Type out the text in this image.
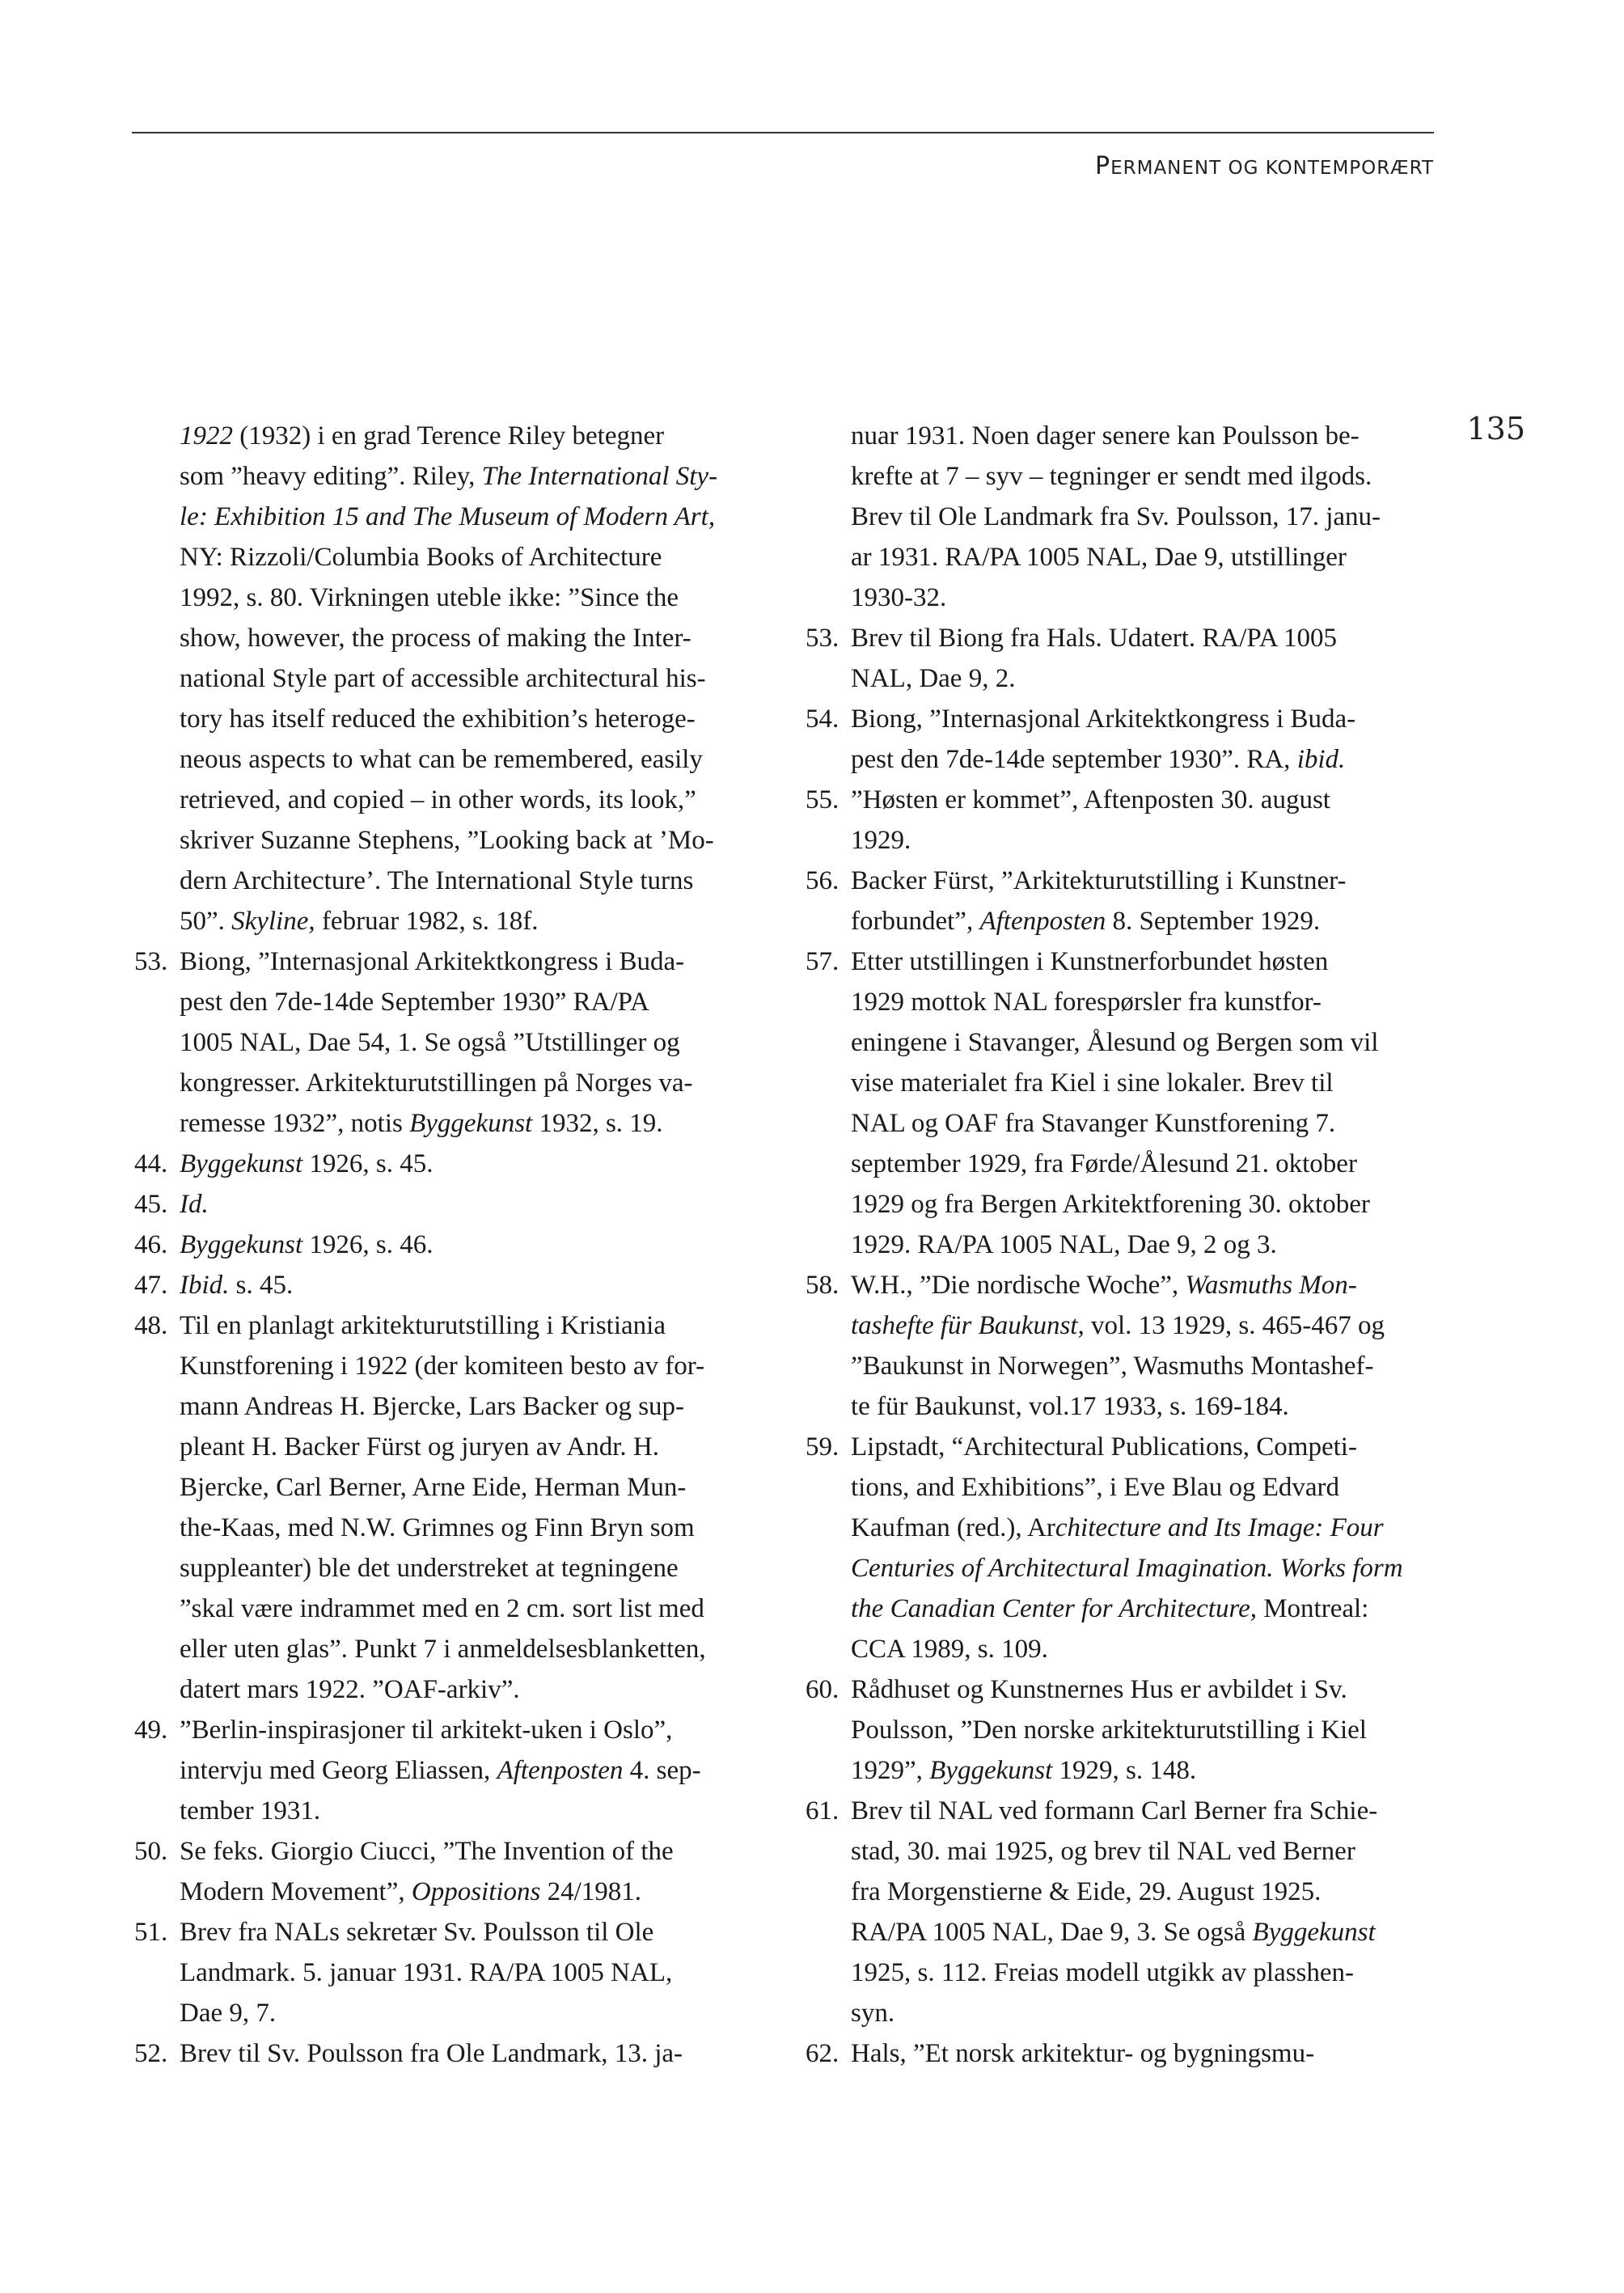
PERMANENT OG KONTEMPORÆRT
135
1922 (1932) i en grad Terence Riley betegner
som ”heavy editing”. Riley, The International Sty-
le: Exhibition 15 and The Museum of Modern Art,
NY: Rizzoli/Columbia Books of Architecture
1992, s. 80. Virkningen uteble ikke: ”Since the
show, however, the process of making the Inter-
national Style part of accessible architectural his-
tory has itself reduced the exhibition’s heteroge-
neous aspects to what can be remembered, easily
retrieved, and copied – in other words, its look,”
skriver Suzanne Stephens, ”Looking back at ’Mo-
dern Architecture’. The International Style turns
50”. Skyline, februar 1982, s. 18f.
53. Biong, ”Internasjonal Arkitektkongress i Buda-
pest den 7de-14de September 1930” RA/PA
1005 NAL, Dae 54, 1. Se også ”Utstillinger og
kongresser. Arkitekturutstillingen på Norges va-
remesse 1932”, notis Byggekunst 1932, s. 19.
44. Byggekunst 1926, s. 45.
45. Id.
46. Byggekunst 1926, s. 46.
47. Ibid. s. 45.
48. Til en planlagt arkitekturutstilling i Kristiania
Kunstforening i 1922 (der komiteen besto av for-
mann Andreas H. Bjercke, Lars Backer og sup-
pleant H. Backer Fürst og juryen av Andr. H.
Bjercke, Carl Berner, Arne Eide, Herman Mun-
the-Kaas, med N.W. Grimnes og Finn Bryn som
suppleanter) ble det understreket at tegningene
”skal være indrammet med en 2 cm. sort list med
eller uten glas”. Punkt 7 i anmeldelsesblanketten,
datert mars 1922. ”OAF-arkiv”.
49. ”Berlin-inspirasjoner til arkitekt-uken i Oslo”,
intervju med Georg Eliassen, Aftenposten 4. sep-
tember 1931.
50. Se feks. Giorgio Ciucci, ”The Invention of the
Modern Movement”, Oppositions 24/1981.
51. Brev fra NALs sekretær Sv. Poulsson til Ole
Landmark. 5. januar 1931. RA/PA 1005 NAL,
Dae 9, 7.
52. Brev til Sv. Poulsson fra Ole Landmark, 13. ja-
nuar 1931. Noen dager senere kan Poulsson be-
krefte at 7 – syv – tegninger er sendt med ilgods.
Brev til Ole Landmark fra Sv. Poulsson, 17. janu-
ar 1931. RA/PA 1005 NAL, Dae 9, utstillinger
1930-32.
53. Brev til Biong fra Hals. Udatert. RA/PA 1005
NAL, Dae 9, 2.
54. Biong, ”Internasjonal Arkitektkongress i Buda-
pest den 7de-14de september 1930”. RA, ibid.
55. ”Høsten er kommet”, Aftenposten 30. august
1929.
56. Backer Fürst, ”Arkitekturutstilling i Kunstner-
forbundet”, Aftenposten 8. September 1929.
57. Etter utstillingen i Kunstnerforbundet høsten
1929 mottok NAL forespørsler fra kunstfor-
eningene i Stavanger, Ålesund og Bergen som vil
vise materialet fra Kiel i sine lokaler. Brev til
NAL og OAF fra Stavanger Kunstforening 7.
september 1929, fra Førde/Ålesund 21. oktober
1929 og fra Bergen Arkitektforening 30. oktober
1929. RA/PA 1005 NAL, Dae 9, 2 og 3.
58. W.H., ”Die nordische Woche”, Wasmuths Mon-
tashefte für Baukunst, vol. 13 1929, s. 465-467 og
”Baukunst in Norwegen”, Wasmuths Montashef-
te für Baukunst, vol.17 1933, s. 169-184.
59. Lipstadt, “Architectural Publications, Competi-
tions, and Exhibitions”, i Eve Blau og Edvard
Kaufman (red.), Architecture and Its Image: Four
Centuries of Architectural Imagination. Works form
the Canadian Center for Architecture, Montreal:
CCA 1989, s. 109.
60. Rådhuset og Kunstnernes Hus er avbildet i Sv.
Poulsson, ”Den norske arkitekturutstilling i Kiel
1929”, Byggekunst 1929, s. 148.
61. Brev til NAL ved formann Carl Berner fra Schie-
stad, 30. mai 1925, og brev til NAL ved Berner
fra Morgenstierne & Eide, 29. August 1925.
RA/PA 1005 NAL, Dae 9, 3. Se også Byggekunst
1925, s. 112. Freias modell utgikk av plasshen-
syn.
62. Hals, ”Et norsk arkitektur- og bygningsmu-
